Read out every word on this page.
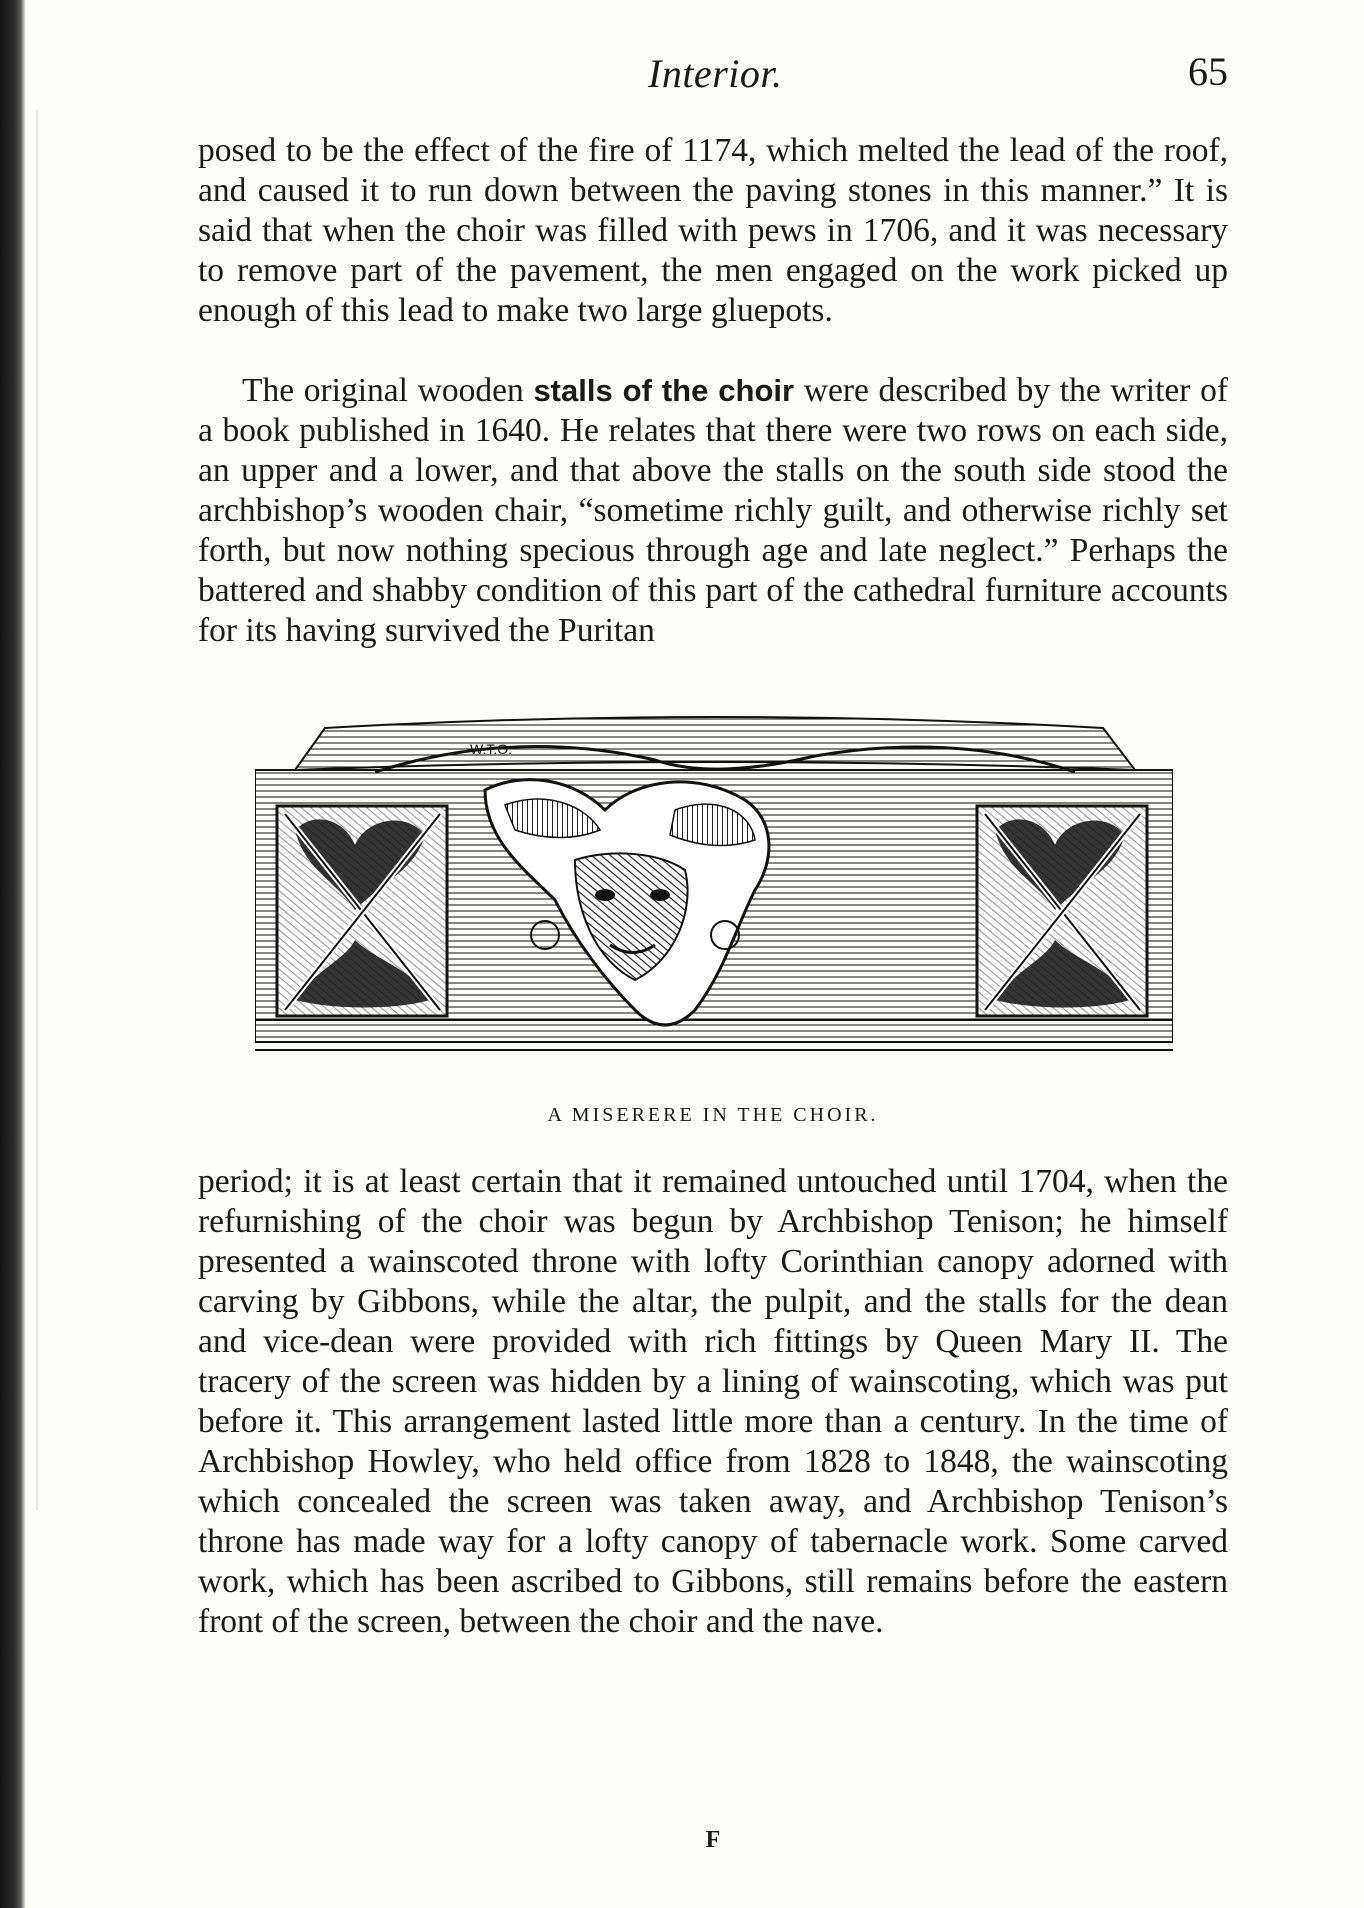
Interior.	65

posed to be the effect of the fire of 1174, which melted the lead of the roof, and caused it to run down between the paving stones in this manner.” It is said that when the choir was filled with pews in 1706, and it was necessary to remove part of the pavement, the men engaged on the work picked up enough of this lead to make two large gluepots.

The original wooden stalls of the choir were described by the writer of a book published in 1640. He relates that there were two rows on each side, an upper and a lower, and that above the stalls on the south side stood the archbishop’s wooden chair, “sometime richly guilt, and otherwise richly set forth, but now nothing specious through age and late neglect.” Perhaps the battered and shabby condition of this part of the cathedral furniture accounts for its having survived the Puritan

W.T.O.
A MISERERE IN THE CHOIR.

period; it is at least certain that it remained untouched until 1704, when the refurnishing of the choir was begun by Archbishop Tenison; he himself presented a wainscoted throne with lofty Corinthian canopy adorned with carving by Gibbons, while the altar, the pulpit, and the stalls for the dean and vice-dean were provided with rich fittings by Queen Mary II. The tracery of the screen was hidden by a lining of wainscoting, which was put before it. This arrangement lasted little more than a century. In the time of Archbishop Howley, who held office from 1828 to 1848, the wainscoting which concealed the screen was taken away, and Archbishop Tenison’s throne has made way for a lofty canopy of tabernacle work. Some carved work, which has been ascribed to Gibbons, still remains before the eastern front of the screen, between the choir and the nave.

F
